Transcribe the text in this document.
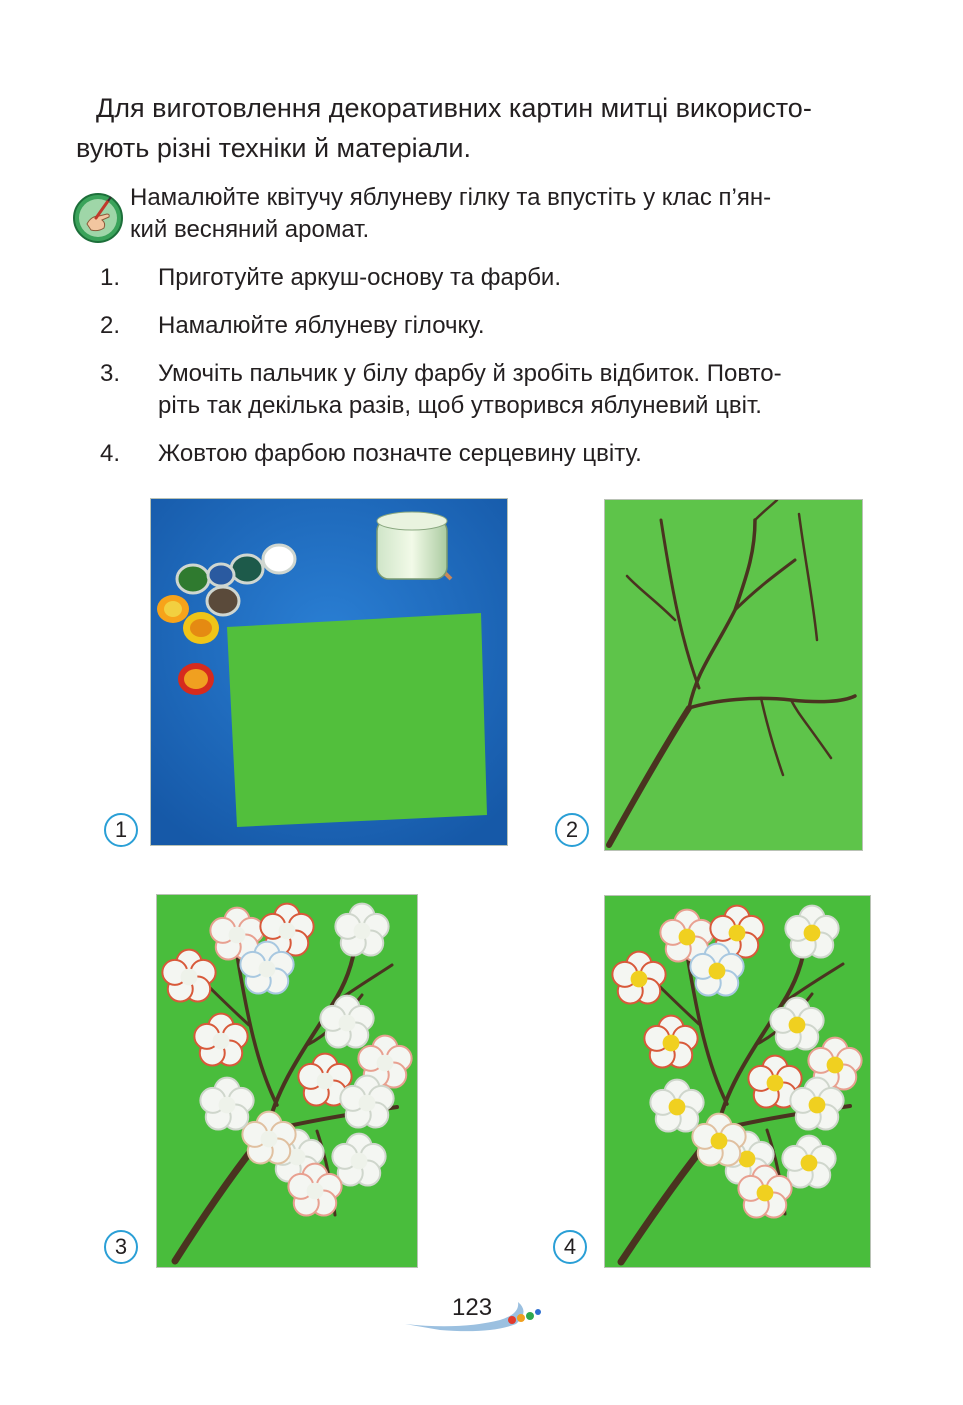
Для виготовлення декоративних картин митці використо-
вують різні техніки й матеріали.

Намалюйте квітучу яблуневу гілку та впустіть у клас п’ян-
кий весняний аромат.

1.	Приготуйте аркуш-основу та фарби.
2.	Намалюйте яблуневу гілочку.
3.	Умочіть пальчик у білу фарбу й зробіть відбиток. Повто-
ріть так декілька разів, щоб утворився яблуневий цвіт.
4.	Жовтою фарбою позначте серцевину цвіту.
1	2
3	4
123
